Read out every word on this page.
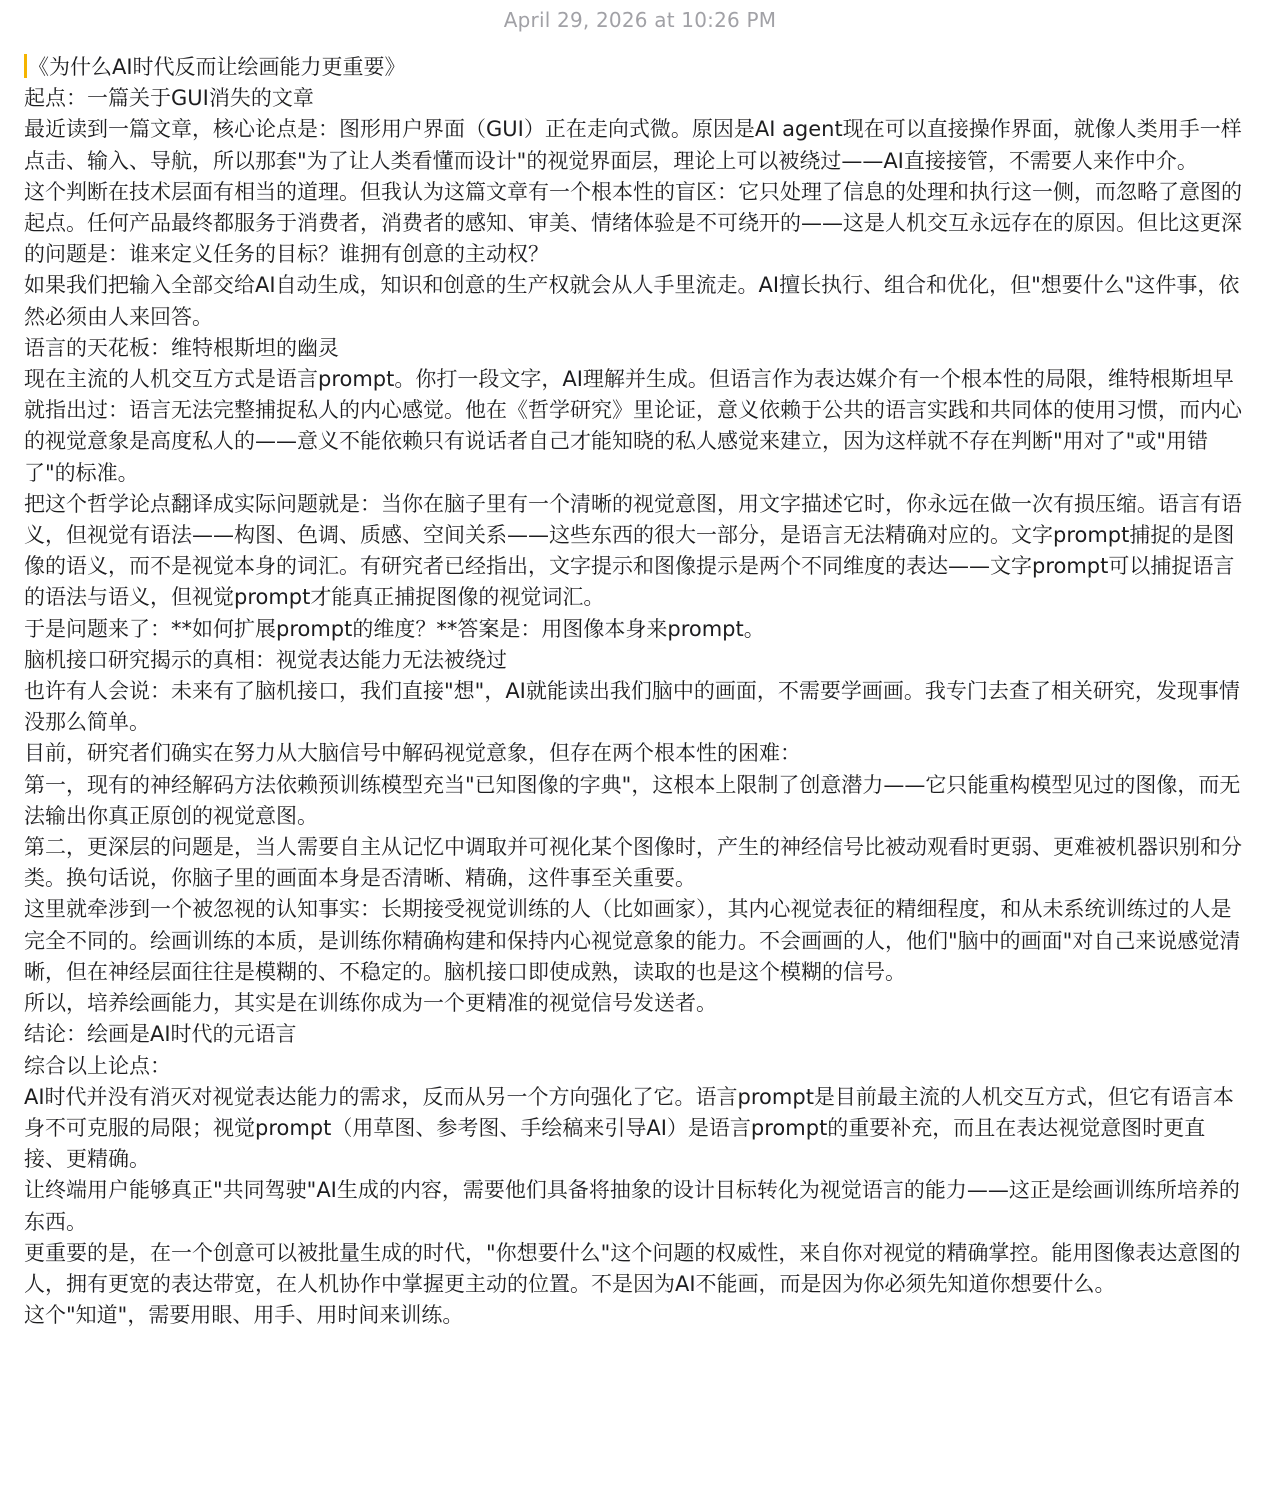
April 29, 2026 at 10:26 PM

《为什么AI时代反而让绘画能力更重要》

起点：一篇关于GUI消失的文章

最近读到一篇文章，核心论点是：图形用户界面（GUI）正在走向式微。原因是AI agent现在可以直接操作界面，就像人类用手一样点击、输入、导航，所以那套"为了让人类看懂而设计"的视觉界面层，理论上可以被绕过——AI直接接管，不需要人来作中介。

这个判断在技术层面有相当的道理。但我认为这篇文章有一个根本性的盲区：它只处理了信息的处理和执行这一侧，而忽略了意图的起点。任何产品最终都服务于消费者，消费者的感知、审美、情绪体验是不可绕开的——这是人机交互永远存在的原因。但比这更深的问题是：谁来定义任务的目标？谁拥有创意的主动权？

如果我们把输入全部交给AI自动生成，知识和创意的生产权就会从人手里流走。AI擅长执行、组合和优化，但"想要什么"这件事，依然必须由人来回答。

语言的天花板：维特根斯坦的幽灵

现在主流的人机交互方式是语言prompt。你打一段文字，AI理解并生成。但语言作为表达媒介有一个根本性的局限，维特根斯坦早就指出过：语言无法完整捕捉私人的内心感觉。他在《哲学研究》里论证，意义依赖于公共的语言实践和共同体的使用习惯，而内心的视觉意象是高度私人的——意义不能依赖只有说话者自己才能知晓的私人感觉来建立，因为这样就不存在判断"用对了"或"用错了"的标准。

把这个哲学论点翻译成实际问题就是：当你在脑子里有一个清晰的视觉意图，用文字描述它时，你永远在做一次有损压缩。语言有语义，但视觉有语法——构图、色调、质感、空间关系——这些东西的很大一部分，是语言无法精确对应的。文字prompt捕捉的是图像的语义，而不是视觉本身的词汇。有研究者已经指出，文字提示和图像提示是两个不同维度的表达——文字prompt可以捕捉语言的语法与语义，但视觉prompt才能真正捕捉图像的视觉词汇。

于是问题来了：**如何扩展prompt的维度？**答案是：用图像本身来prompt。

脑机接口研究揭示的真相：视觉表达能力无法被绕过

也许有人会说：未来有了脑机接口，我们直接"想"，AI就能读出我们脑中的画面，不需要学画画。我专门去查了相关研究，发现事情没那么简单。

目前，研究者们确实在努力从大脑信号中解码视觉意象，但存在两个根本性的困难：

第一，现有的神经解码方法依赖预训练模型充当"已知图像的字典"，这根本上限制了创意潜力——它只能重构模型见过的图像，而无法输出你真正原创的视觉意图。

第二，更深层的问题是，当人需要自主从记忆中调取并可视化某个图像时，产生的神经信号比被动观看时更弱、更难被机器识别和分类。换句话说，你脑子里的画面本身是否清晰、精确，这件事至关重要。

这里就牵涉到一个被忽视的认知事实：长期接受视觉训练的人（比如画家），其内心视觉表征的精细程度，和从未系统训练过的人是完全不同的。绘画训练的本质，是训练你精确构建和保持内心视觉意象的能力。不会画画的人，他们"脑中的画面"对自己来说感觉清晰，但在神经层面往往是模糊的、不稳定的。脑机接口即使成熟，读取的也是这个模糊的信号。

所以，培养绘画能力，其实是在训练你成为一个更精准的视觉信号发送者。

结论：绘画是AI时代的元语言

综合以上论点：

AI时代并没有消灭对视觉表达能力的需求，反而从另一个方向强化了它。语言prompt是目前最主流的人机交互方式，但它有语言本身不可克服的局限；视觉prompt（用草图、参考图、手绘稿来引导AI）是语言prompt的重要补充，而且在表达视觉意图时更直接、更精确。

让终端用户能够真正"共同驾驶"AI生成的内容，需要他们具备将抽象的设计目标转化为视觉语言的能力——这正是绘画训练所培养的东西。

更重要的是，在一个创意可以被批量生成的时代，"你想要什么"这个问题的权威性，来自你对视觉的精确掌控。能用图像表达意图的人，拥有更宽的表达带宽，在人机协作中掌握更主动的位置。不是因为AI不能画，而是因为你必须先知道你想要什么。

这个"知道"，需要用眼、用手、用时间来训练。
